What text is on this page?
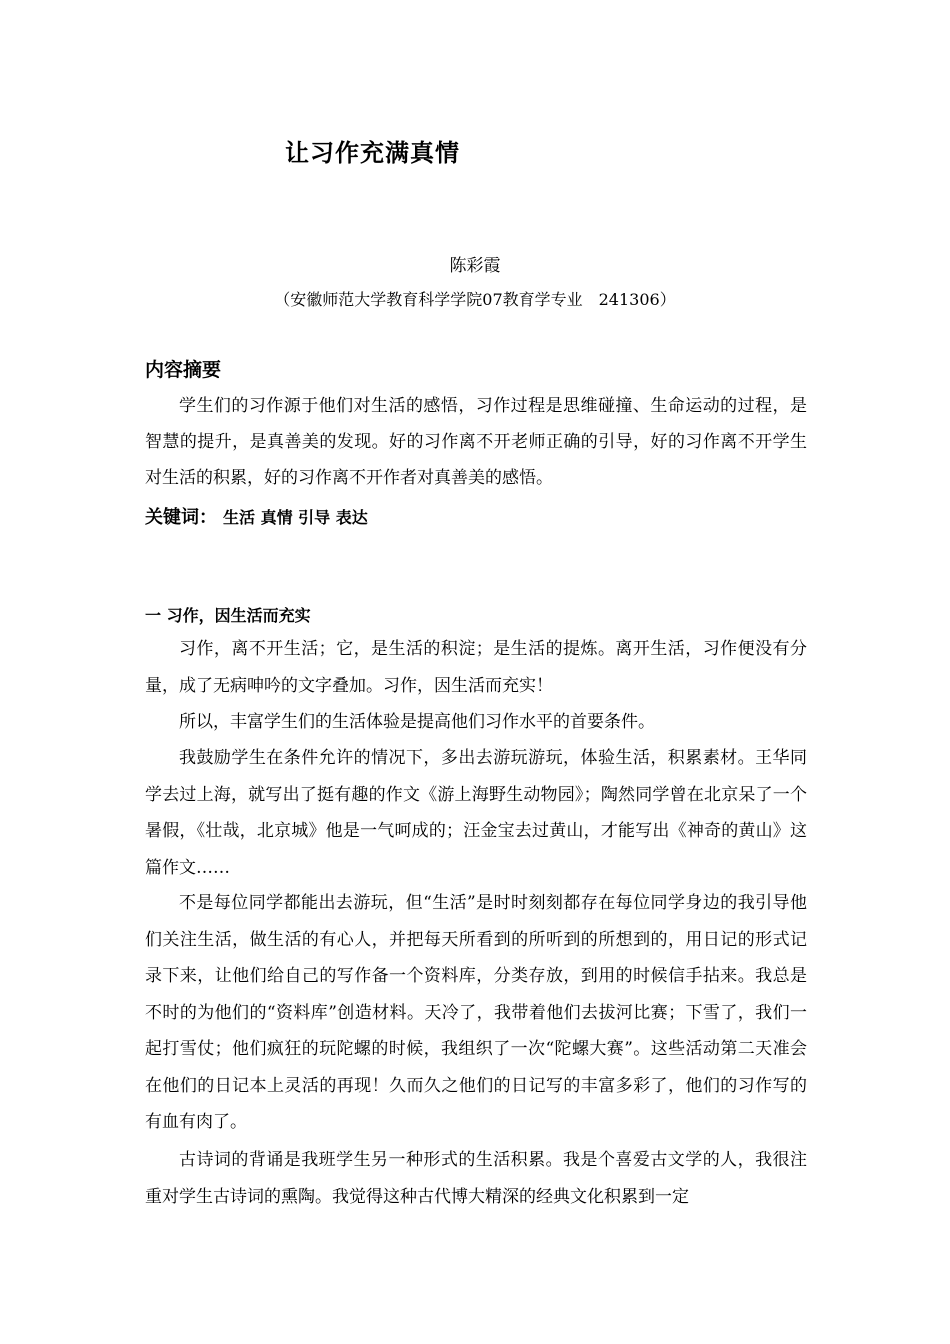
让习作充满真情
陈彩霞
（安徽师范大学教育科学学院07教育学专业　241306）
内容摘要

学生们的习作源于他们对生活的感悟，习作过程是思维碰撞、生命运动的过程，是智慧的提升，是真善美的发现。好的习作离不开老师正确的引导，好的习作离不开学生对生活的积累，好的习作离不开作者对真善美的感悟。

关键词： 生活 真情 引导 表达
一 习作，因生活而充实

习作，离不开生活；它，是生活的积淀；是生活的提炼。离开生活，习作便没有分量，成了无病呻吟的文字叠加。习作，因生活而充实！

所以，丰富学生们的生活体验是提高他们习作水平的首要条件。

我鼓励学生在条件允许的情况下，多出去游玩游玩，体验生活，积累素材。王华同学去过上海，就写出了挺有趣的作文《游上海野生动物园》；陶然同学曾在北京呆了一个暑假，《壮哉，北京城》他是一气呵成的；汪金宝去过黄山，才能写出《神奇的黄山》这篇作文……

不是每位同学都能出去游玩，但“生活”是时时刻刻都存在每位同学身边的我引导他们关注生活，做生活的有心人，并把每天所看到的所听到的所想到的，用日记的形式记录下来，让他们给自己的写作备一个资料库，分类存放，到用的时候信手拈来。我总是不时的为他们的“资料库”创造材料。天冷了，我带着他们去拔河比赛；下雪了，我们一起打雪仗；他们疯狂的玩陀螺的时候，我组织了一次“陀螺大赛”。这些活动第二天准会在他们的日记本上灵活的再现！久而久之他们的日记写的丰富多彩了，他们的习作写的有血有肉了。

古诗词的背诵是我班学生另一种形式的生活积累。我是个喜爱古文学的人，我很注重对学生古诗词的熏陶。我觉得这种古代博大精深的经典文化积累到一定
